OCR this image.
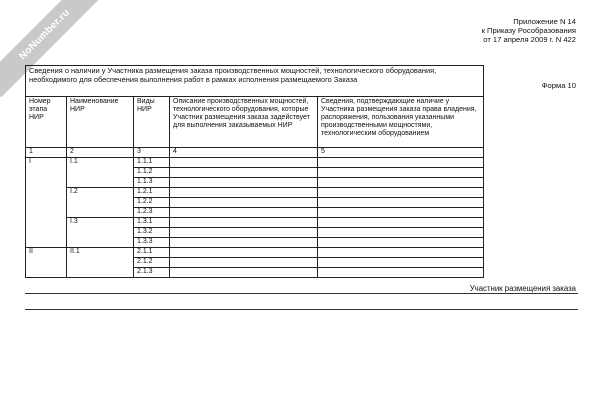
NoNumber.ru	Приложение N 14
к Приказу Рособразования
от 17 апреля 2009 г. N 422
Форма 10
Сведения о наличии у Участника размещения заказа производственных мощностей, технологического оборудования, необходимого для обеспечения выполнения работ в рамках исполнения размещаемого Заказа				
Номер этапа НИР	Наименование НИР	Виды НИР	Описание производственных мощностей, технологического оборудования, которые Участник размещения заказа задействует для выполнения заказываемых НИР	Сведения, подтверждающие наличие у Участника размещения заказа права владения, распоряжения, пользования указанными производственными мощностями, технологическим оборудованием
1	2	3	4	5
I	I.1	1.1.1		
		1.1.2		
		1.1.3		
	I.2	1.2.1		
		1.2.2		
		1.2.3		
	I.3	1.3.1		
		1.3.2		
		1.3.3		
II	II.1	2.1.1		
		2.1.2		
		2.1.3		
Участник размещения заказа
